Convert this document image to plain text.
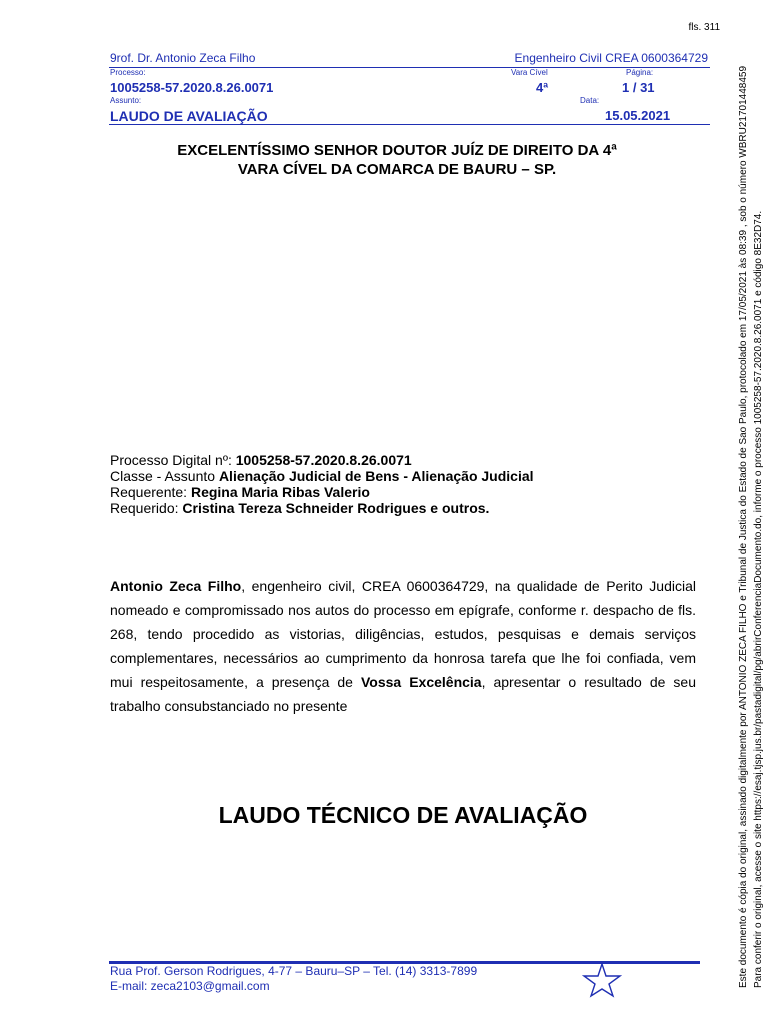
fls. 311
9rof. Dr. Antonio Zeca Filho	Engenheiro Civil CREA 0600364729
Processo:
1005258-57.2020.8.26.0071
Vara Cível
4ª
Página:
1 / 31
Assunto:
LAUDO DE AVALIAÇÃO
Data:
15.05.2021
EXCELENTÍSSIMO SENHOR DOUTOR JUÍZ DE DIREITO DA 4ª
VARA CÍVEL DA COMARCA DE BAURU – SP.
Processo Digital nº: 1005258-57.2020.8.26.0071
Classe - Assunto Alienação Judicial de Bens - Alienação Judicial
Requerente: Regina Maria Ribas Valerio
Requerido: Cristina Tereza Schneider Rodrigues e outros.
Antonio Zeca Filho, engenheiro civil, CREA 0600364729, na qualidade de Perito Judicial nomeado e compromissado nos autos do processo em epígrafe, conforme r. despacho de fls. 268, tendo procedido as vistorias, diligências, estudos, pesquisas e demais serviços complementares, necessários ao cumprimento da honrosa tarefa que lhe foi confiada, vem mui respeitosamente, a presença de Vossa Excelência, apresentar o resultado de seu trabalho consubstanciado no presente
LAUDO TÉCNICO DE AVALIAÇÃO
Rua Prof. Gerson Rodrigues, 4-77 – Bauru–SP – Tel. (14) 3313-7899
E-mail: zeca2103@gmail.com	Este documento é cópia do original, assinado digitalmente por ANTONIO ZECA FILHO e Tribunal de Justica do Estado de Sao Paulo, protocolado em 17/05/2021 às 08:39 , sob o número WBRU21701448459 Para conferir o original, acesse o site https://esaj.tjsp.jus.br/pastadigital/pg/abrirConferenciaDocumento.do, informe o processo 1005258-57.2020.8.26.0071 e código 8E32D74.
